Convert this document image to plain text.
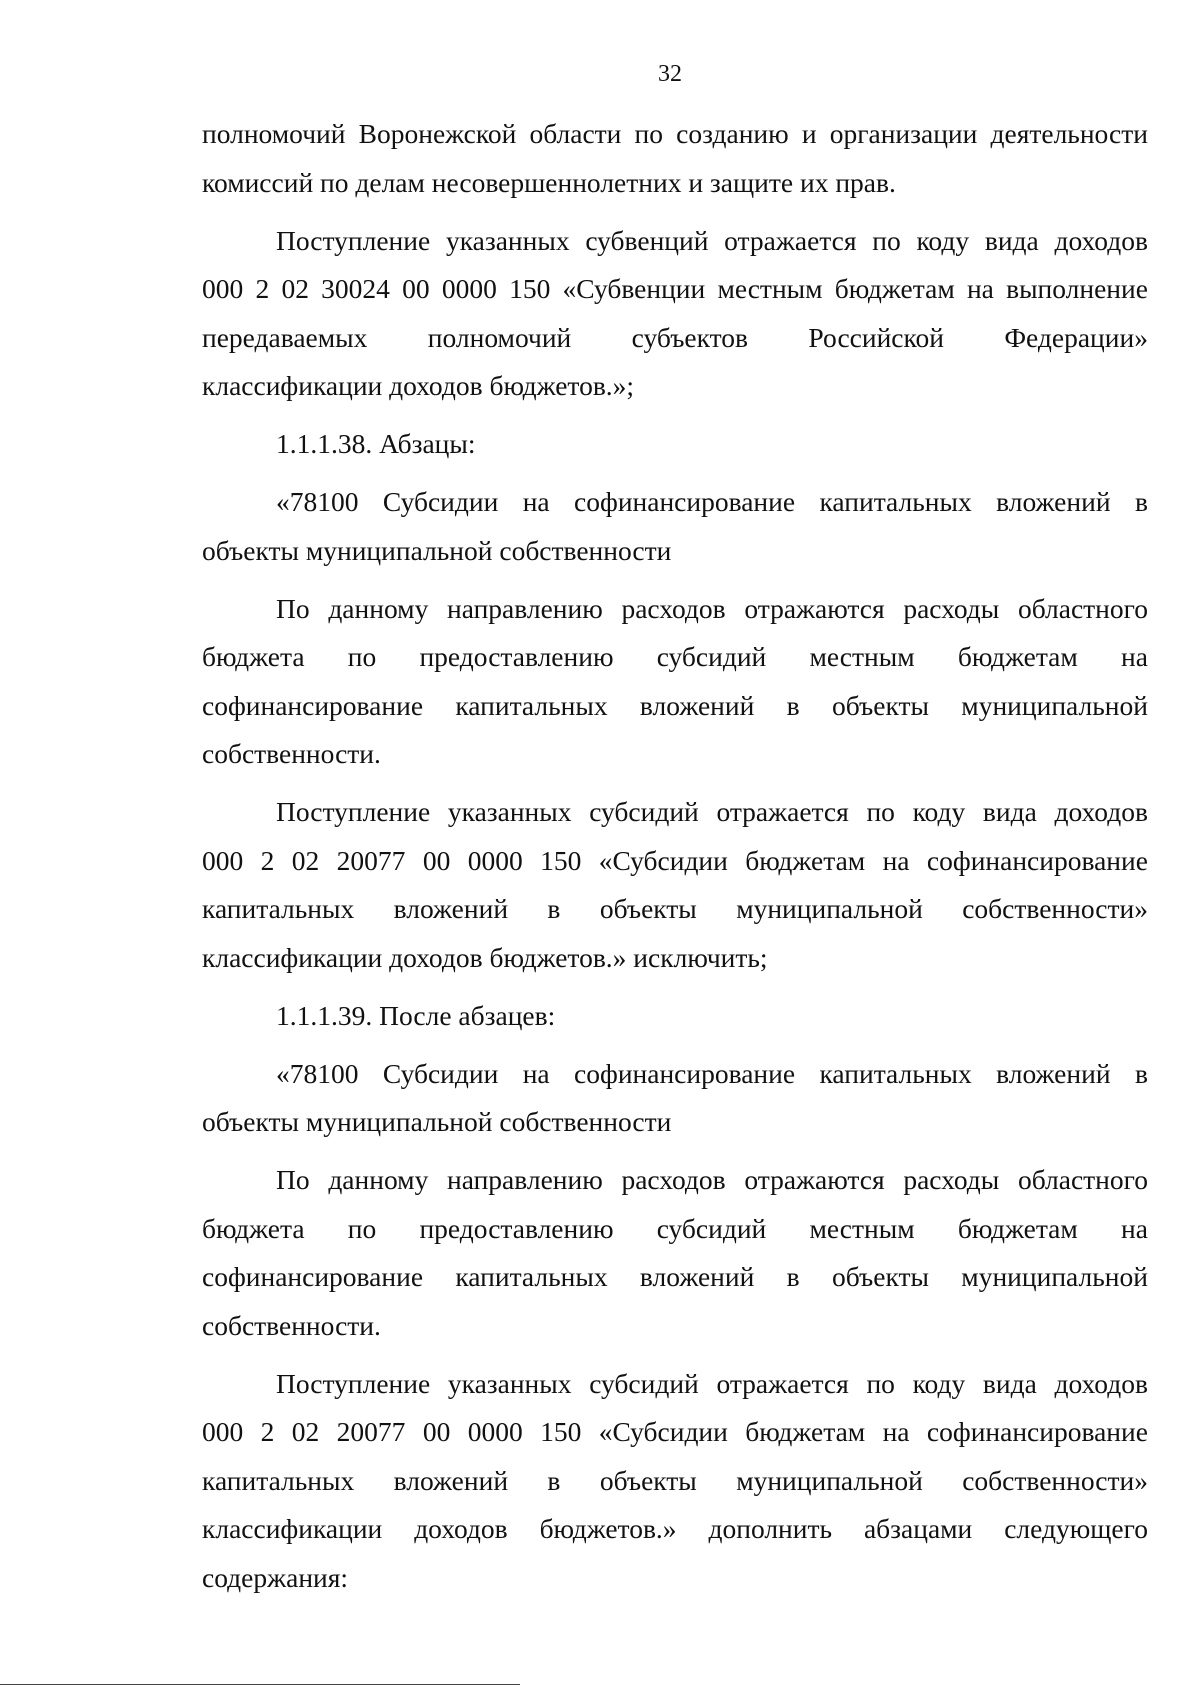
32
полномочий Воронежской области по созданию и организации деятельности
комиссий по делам несовершеннолетних и защите их прав.
Поступление указанных субвенций отражается по коду вида доходов
000 2 02 30024 00 0000 150 «Субвенции местным бюджетам на выполнение
передаваемых полномочий субъектов Российской Федерации»
классификации доходов бюджетов.»;
1.1.1.38. Абзацы:
«78100 Субсидии на софинансирование капитальных вложений в
объекты муниципальной собственности
По данному направлению расходов отражаются расходы областного
бюджета по предоставлению субсидий местным бюджетам на
софинансирование капитальных вложений в объекты муниципальной
собственности.
Поступление указанных субсидий отражается по коду вида доходов
000 2 02 20077 00 0000 150 «Субсидии бюджетам на софинансирование
капитальных вложений в объекты муниципальной собственности»
классификации доходов бюджетов.» исключить;
1.1.1.39. После абзацев:
«78100 Субсидии на софинансирование капитальных вложений в
объекты муниципальной собственности
По данному направлению расходов отражаются расходы областного
бюджета по предоставлению субсидий местным бюджетам на
софинансирование капитальных вложений в объекты муниципальной
собственности.
Поступление указанных субсидий отражается по коду вида доходов
000 2 02 20077 00 0000 150 «Субсидии бюджетам на софинансирование
капитальных вложений в объекты муниципальной собственности»
классификации доходов бюджетов.» дополнить абзацами следующего
содержания:
